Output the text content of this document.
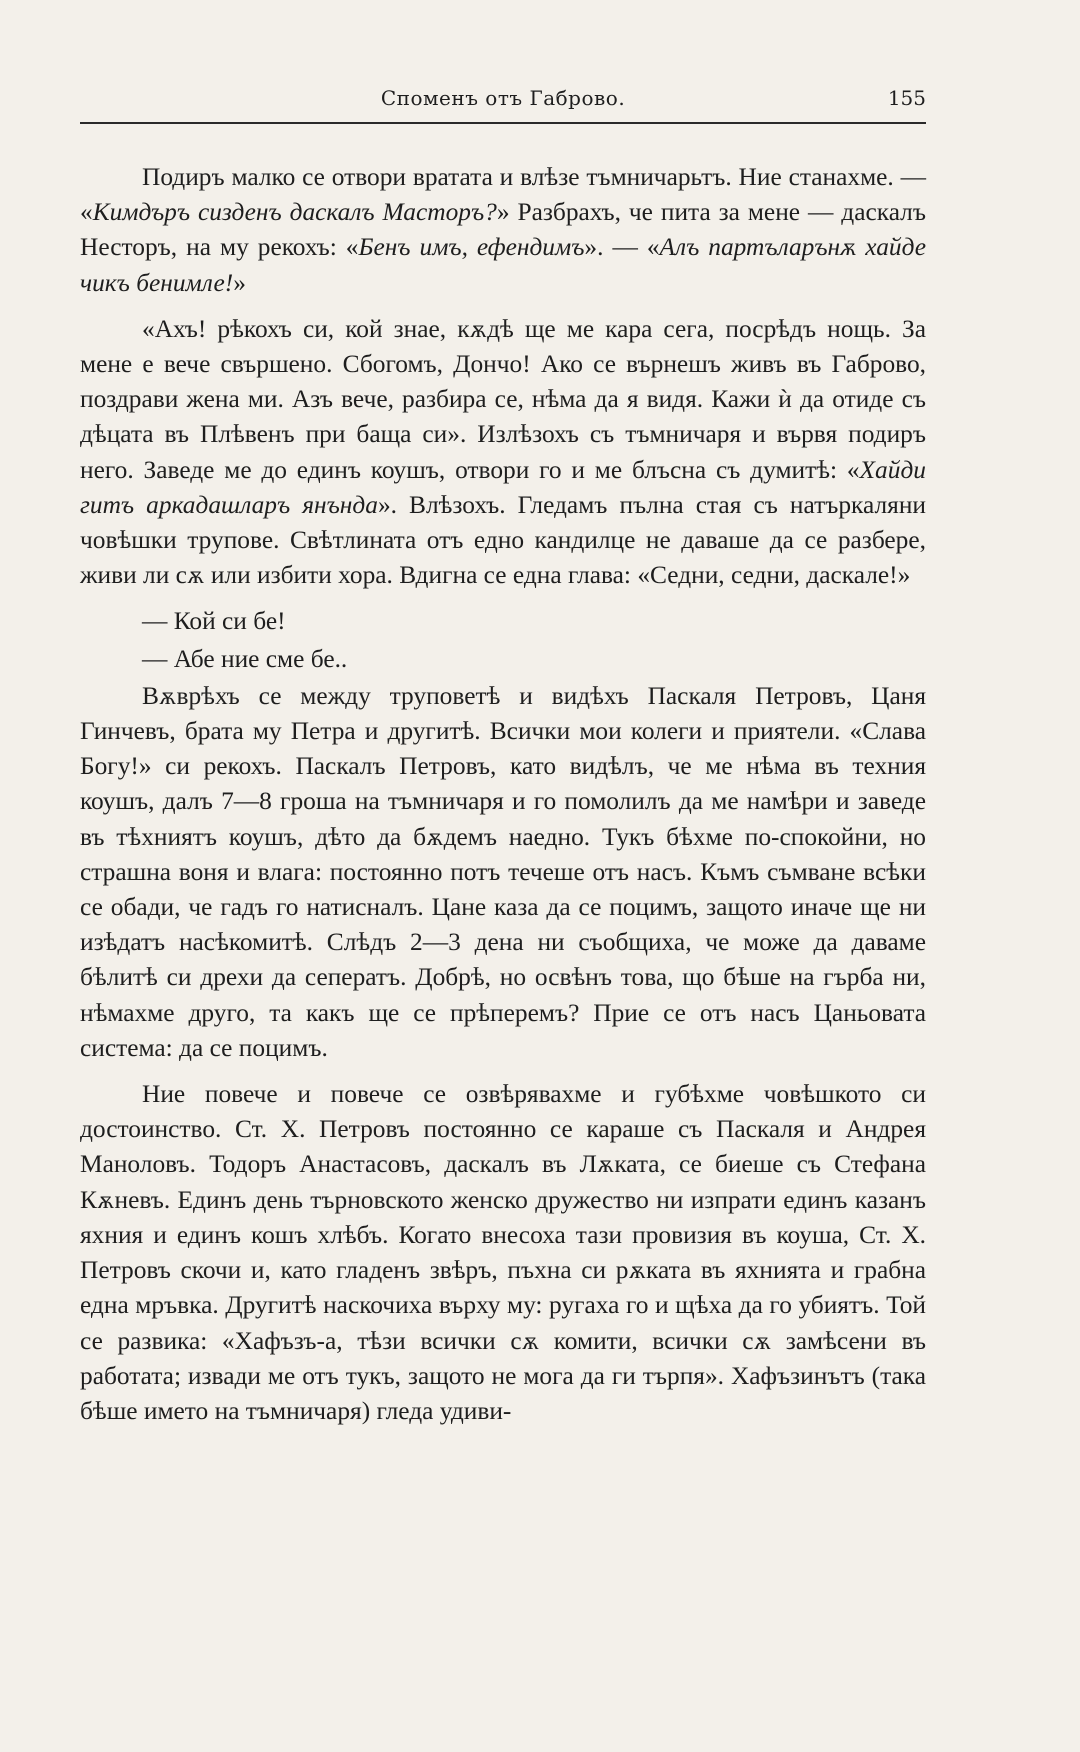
Споменъ отъ Габрово.	155

Подиръ малко се отвори вратата и влѣзе тъмничарьтъ. Ние станахме. — «Кимдъръ сизденъ даскалъ Масторъ?» Разбрахъ, че пита за мене — даскалъ Несторъ, на му рекохъ: «Бенъ имъ, ефендимъ». — «Алъ партъларънѫ хайде чикъ бенимле!»

«Ахъ! рѣкохъ си, кой знае, кѫдѣ ще ме кара сега, посрѣдъ нощь. За мене е вече свършено. Сбогомъ, Дончо! Ако се върнешъ живъ въ Габрово, поздрави жена ми. Азъ вече, разбира се, нѣма да я видя. Кажи ѝ да отиде съ дѣцата въ Плѣвенъ при баща си». Излѣзохъ съ тъмничаря и вървя подиръ него. Заведе ме до единъ коушъ, отвори го и ме блъсна съ думитѣ: «Хайди гитъ аркадашларъ янънда». Влѣзохъ. Гледамъ пълна стая съ натъркаляни човѣшки трупове. Свѣтлината отъ едно кандилце не даваше да се разбере, живи ли сѫ или избити хора. Вдигна се една глава: «Седни, седни, даскале!»

— Кой си бе!

— Абе ние сме бе..

Вѫврѣхъ се между труповетѣ и видѣхъ Паскаля Петровъ, Цаня Гинчевъ, брата му Петра и другитѣ. Всички мои колеги и приятели. «Слава Богу!» си рекохъ. Паскалъ Петровъ, като видѣлъ, че ме нѣма въ техния коушъ, далъ 7—8 гроша на тъмничаря и го помолилъ да ме намѣри и заведе въ тѣхниятъ коушъ, дѣто да бѫдемъ наедно. Тукъ бѣхме по-спокойни, но страшна воня и влага: постоянно потъ течеше отъ насъ. Къмъ съмване всѣки се обади, че гадъ го натисналъ. Цане каза да се поцимъ, защото иначе ще ни изѣдатъ насѣкомитѣ. Слѣдъ 2—3 дена ни съобщиха, че може да даваме бѣлитѣ си дрехи да сеператъ. Добрѣ, но освѣнъ това, що бѣше на гърба ни, нѣмахме друго, та какъ ще се прѣперемъ? Прие се отъ насъ Цаньовата система: да се поцимъ.

Ние повече и повече се озвѣрявахме и губѣхме човѣшкото си достоинство. Ст. Х. Петровъ постоянно се караше съ Паскаля и Андрея Маноловъ. Тодоръ Анастасовъ, даскалъ въ Лѫката, се биеше съ Стефана Кѫневъ. Единъ день търновското женско дружество ни изпрати единъ казанъ яхния и единъ кошъ хлѣбъ. Когато внесоха тази провизия въ коуша, Ст. Х. Петровъ скочи и, като гладенъ звѣръ, пъхна си рѫката въ яхнията и грабна една мръвка. Другитѣ наскочиха върху му: ругаха го и щѣха да го убиятъ. Той се развика: «Хафъзъ-а, тѣзи всички сѫ комити, всички сѫ замѣсени въ работата; извади ме отъ тукъ, защото не мога да ги търпя». Хафъзинътъ (така бѣше името на тъмничаря) гледа удиви-
